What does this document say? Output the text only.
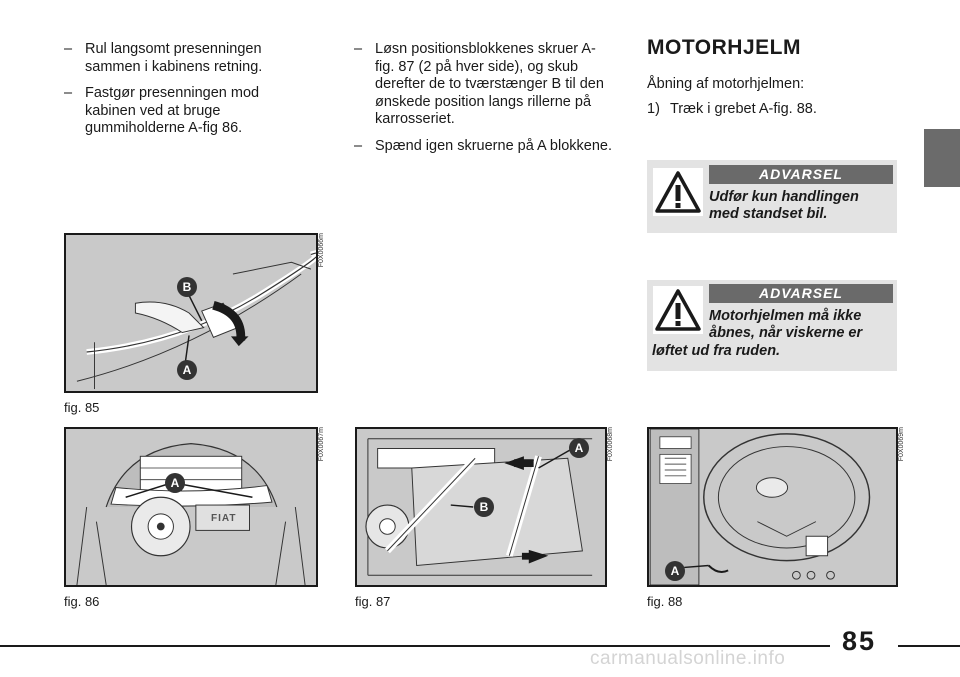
– Rul langsomt presenningen sammen i kabinens retning.
– Fastgør presenningen mod kabinen ved at bruge gummiholderne A-fig 86.
– Løsn positionsblokkenes skruer A-fig. 87 (2 på hver side), og skub derefter de to tværstænger B til den ønskede position langs rillerne på karrosseriet.
– Spænd igen skruerne på A blokkene.
MOTORHJELM
Åbning af motorhjelmen:
1) Træk i grebet A-fig. 88.
ADVARSEL
Udfør kun handlingen
med standset bil.
ADVARSEL
Motorhjelmen må ikke
åbnes, når viskerne er
løftet ud fra ruden.
B
A
F0X0066m
fig. 85
FIAT
A
F0X0067m
fig. 86
A
B
F0X0068m
fig. 87
A
F0X0069m
fig. 88
85
carmanualsonline.info
